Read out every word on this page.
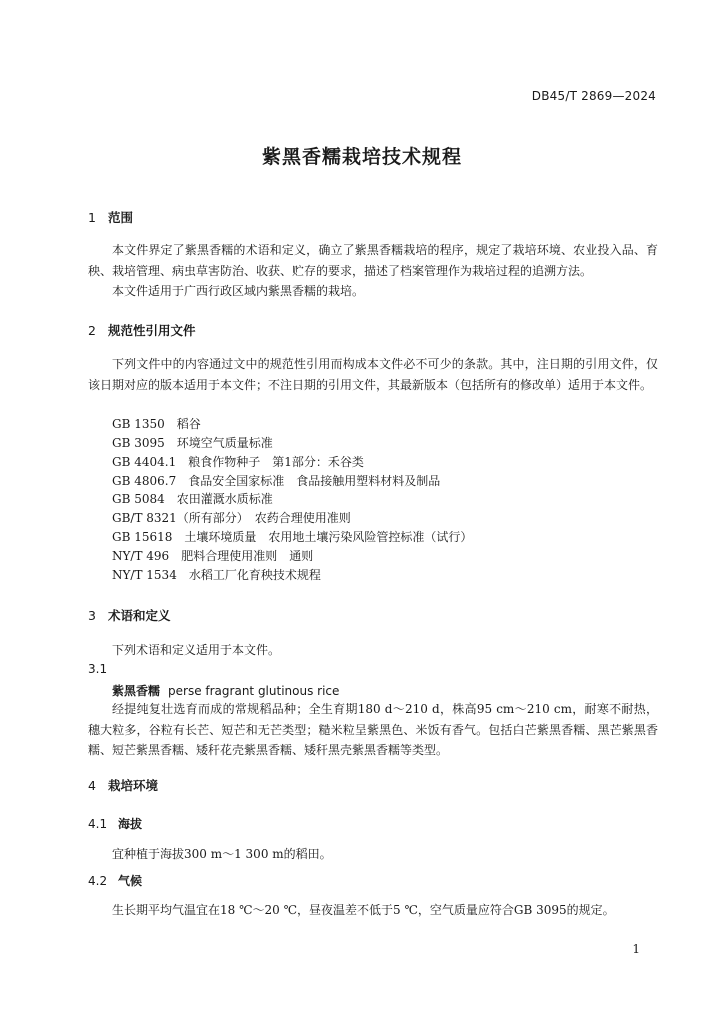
DB45/T 2869—2024
紫黑香糯栽培技术规程
1 范围
本文件界定了紫黑香糯的术语和定义，确立了紫黑香糯栽培的程序，规定了栽培环境、农业投入品、育秧、栽培管理、病虫草害防治、收获、贮存的要求，描述了档案管理作为栽培过程的追溯方法。
本文件适用于广西行政区域内紫黑香糯的栽培。
2 规范性引用文件
下列文件中的内容通过文中的规范性引用而构成本文件必不可少的条款。其中，注日期的引用文件，仅该日期对应的版本适用于本文件；不注日期的引用文件，其最新版本（包括所有的修改单）适用于本文件。
GB 1350　稻谷
GB 3095　环境空气质量标准
GB 4404.1　粮食作物种子　第1部分：禾谷类
GB 4806.7　食品安全国家标准　食品接触用塑料材料及制品
GB 5084　农田灌溉水质标准
GB/T 8321（所有部分）　农药合理使用准则
GB 15618　土壤环境质量　农用地土壤污染风险管控标准（试行）
NY/T 496　肥料合理使用准则　通则
NY/T 1534　水稻工厂化育秧技术规程
3 术语和定义
下列术语和定义适用于本文件。
3.1
紫黑香糯 perse fragrant glutinous rice
经提纯复壮选育而成的常规稻品种；全生育期180 d～210 d，株高95 cm～210 cm，耐寒不耐热，穗大粒多，谷粒有长芒、短芒和无芒类型；糙米粒呈紫黑色、米饭有香气。包括白芒紫黑香糯、黑芒紫黑香糯、短芒紫黑香糯、矮秆花壳紫黑香糯、矮秆黑壳紫黑香糯等类型。
4 栽培环境
4.1 海拔
宜种植于海拔300 m～1 300 m的稻田。
4.2 气候
生长期平均气温宜在18 ℃～20 ℃，昼夜温差不低于5 ℃，空气质量应符合GB 3095的规定。
1
